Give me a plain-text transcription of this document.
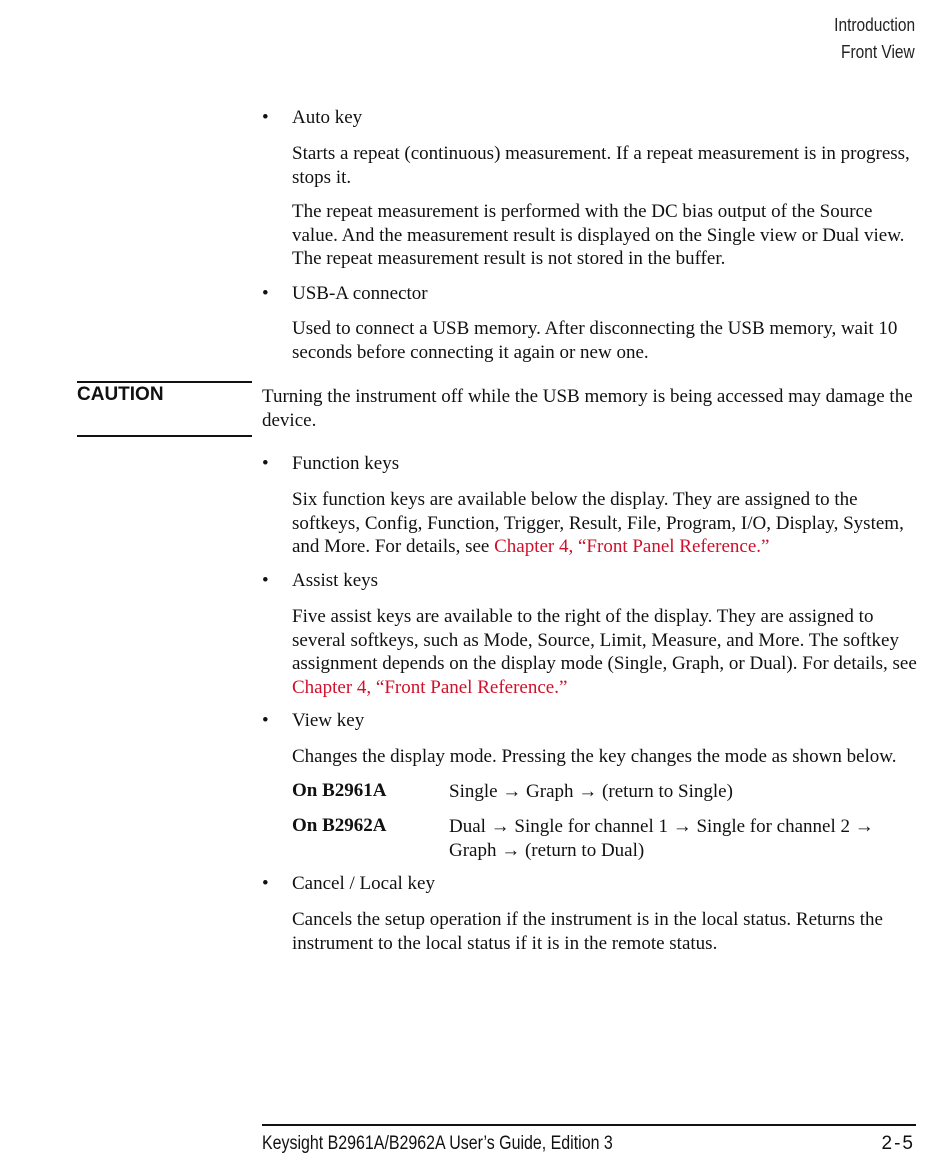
Introduction
Front View
• Auto key
Starts a repeat (continuous) measurement. If a repeat measurement is in progress, stops it.
The repeat measurement is performed with the DC bias output of the Source value. And the measurement result is displayed on the Single view or Dual view. The repeat measurement result is not stored in the buffer.
• USB-A connector
Used to connect a USB memory. After disconnecting the USB memory, wait 10 seconds before connecting it again or new one.
CAUTION	Turning the instrument off while the USB memory is being accessed may damage the device.
• Function keys
Six function keys are available below the display. They are assigned to the softkeys, Config, Function, Trigger, Result, File, Program, I/O, Display, System, and More. For details, see Chapter 4, “Front Panel Reference.”
• Assist keys
Five assist keys are available to the right of the display. They are assigned to several softkeys, such as Mode, Source, Limit, Measure, and More. The softkey assignment depends on the display mode (Single, Graph, or Dual). For details, see Chapter 4, “Front Panel Reference.”
• View key
Changes the display mode. Pressing the key changes the mode as shown below.
On B2961A	Single → Graph → (return to Single)
On B2962A	Dual → Single for channel 1 → Single for channel 2 → Graph → (return to Dual)
• Cancel / Local key
Cancels the setup operation if the instrument is in the local status. Returns the instrument to the local status if it is in the remote status.
Keysight B2961A/B2962A User’s Guide, Edition 3	2-5
